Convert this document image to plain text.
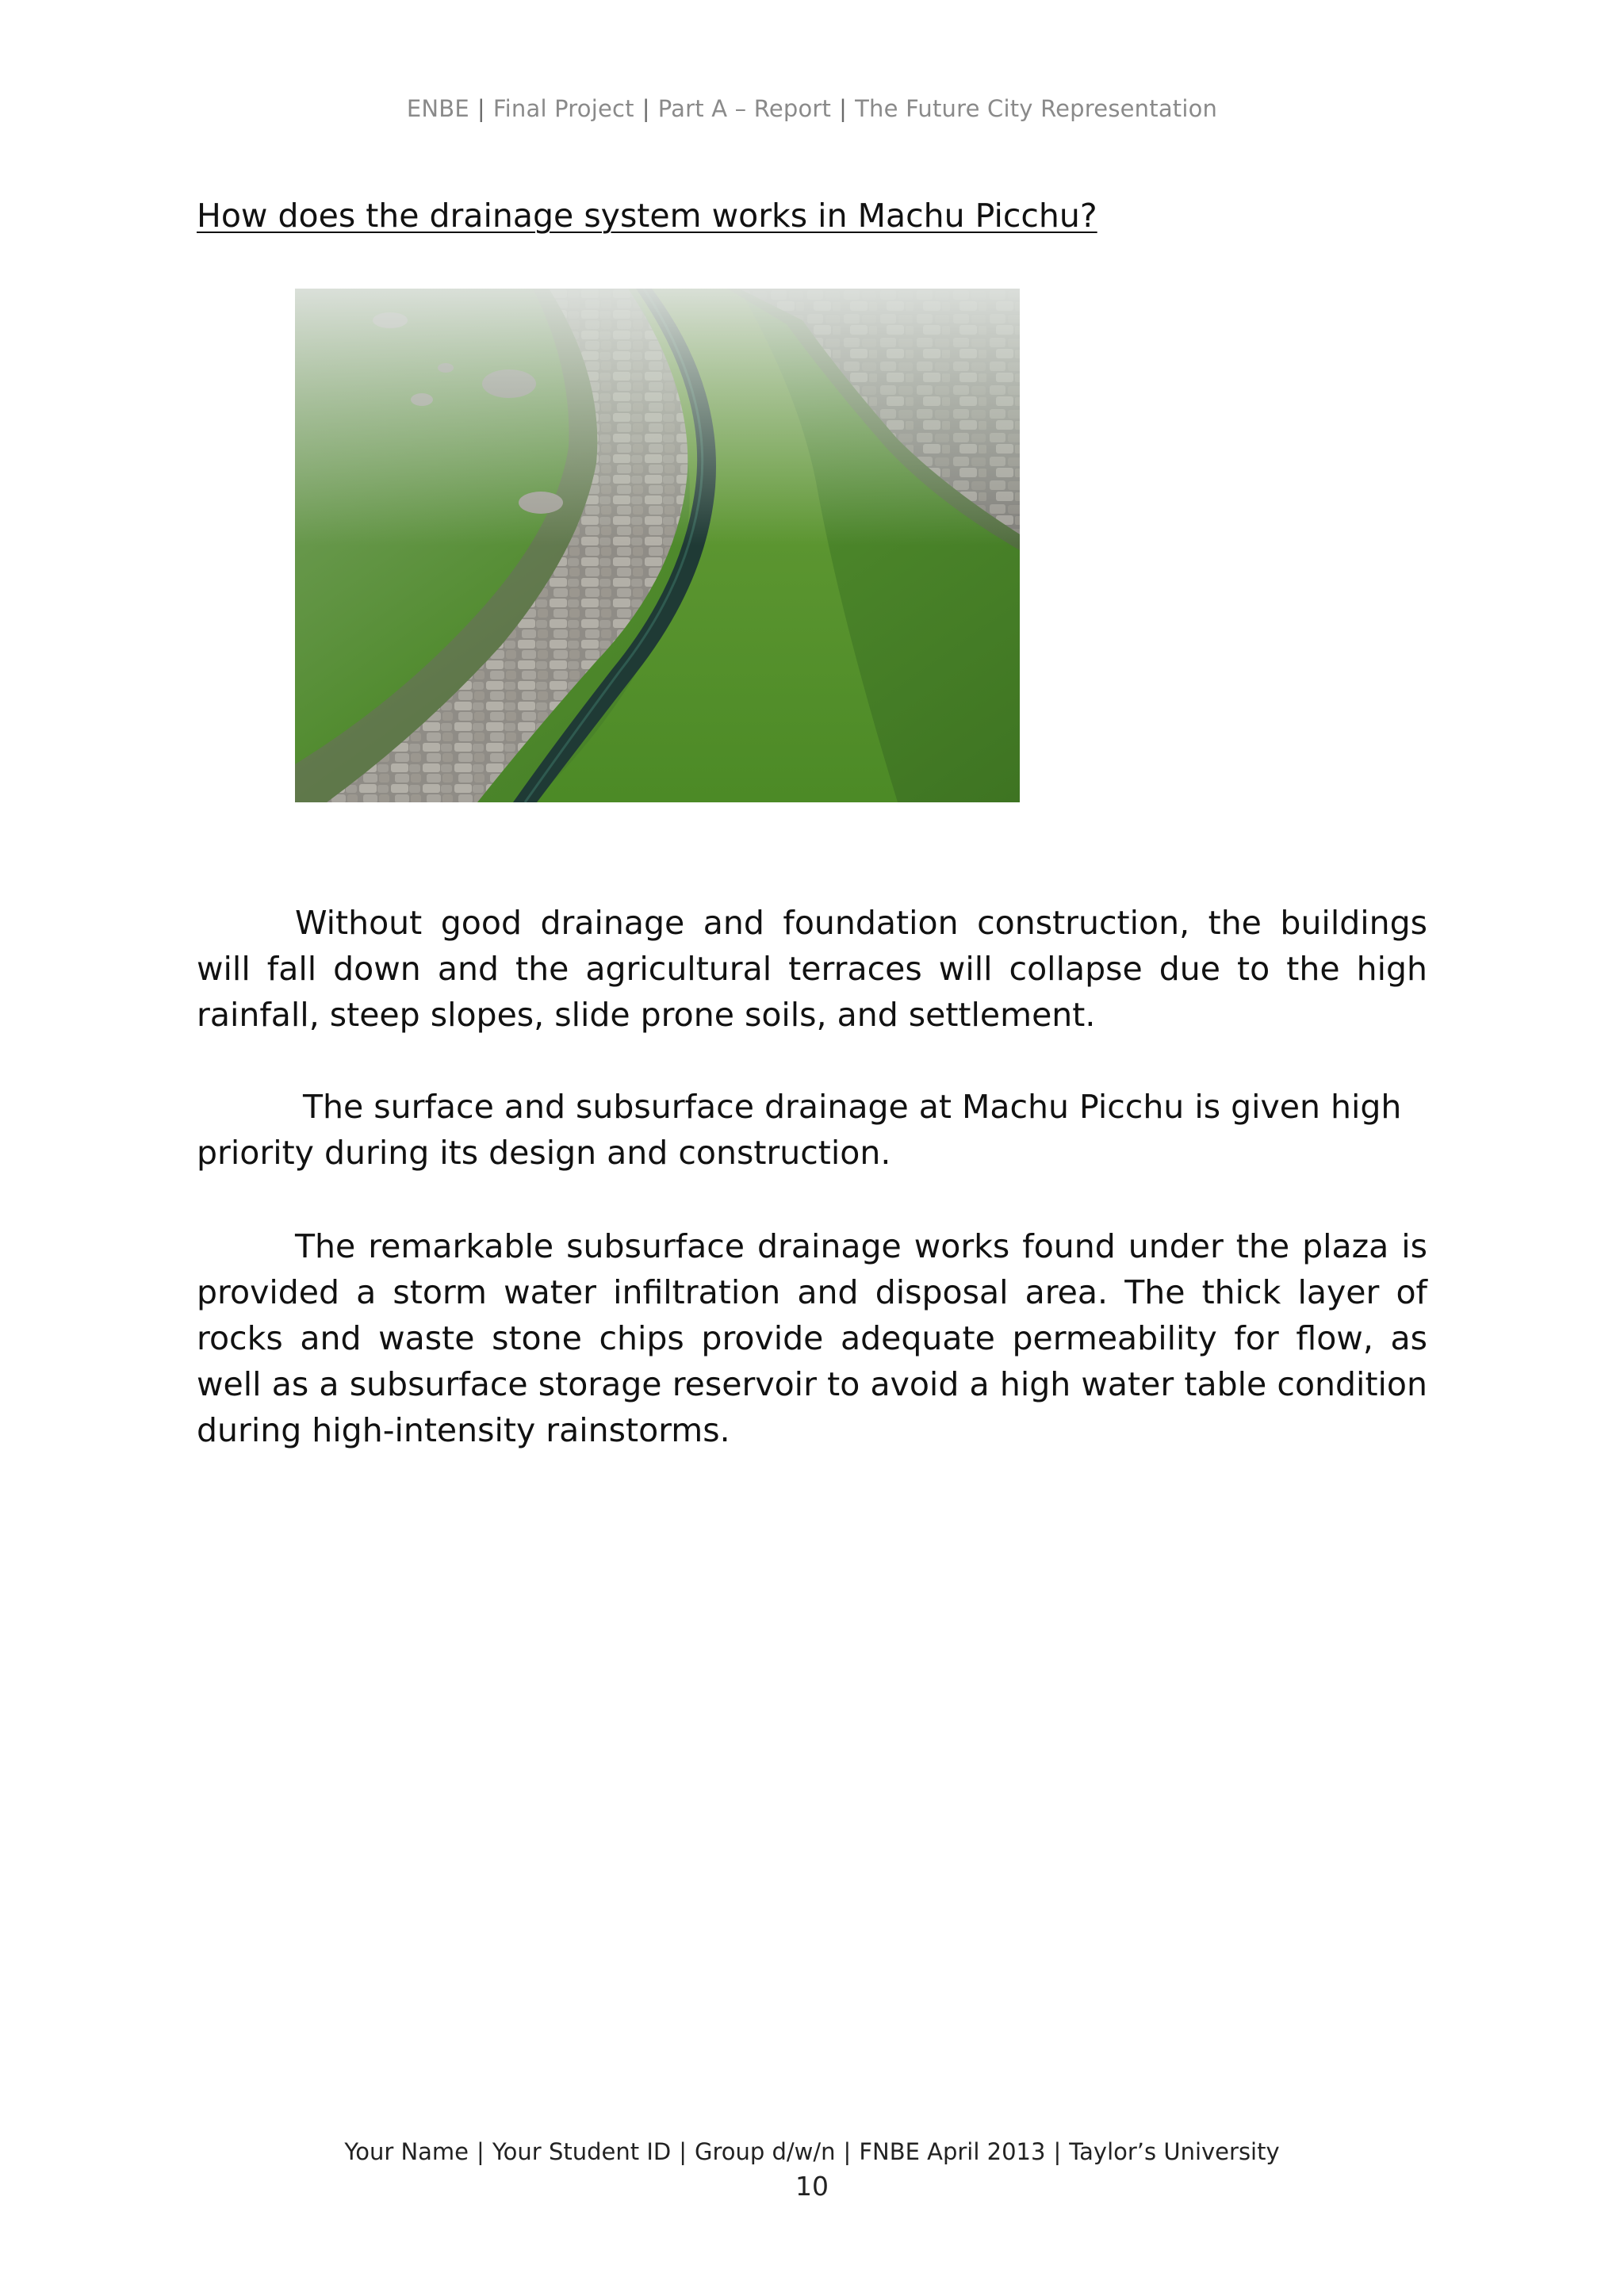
ENBE | Final Project | Part A – Report | The Future City Representation
How does the drainage system works in Machu Picchu?

Without good drainage and foundation construction, the buildings will fall down and the agricultural terraces will collapse due to the high rainfall, steep slopes, slide prone soils, and settlement.

The surface and subsurface drainage at Machu Picchu is given high priority during its design and construction.

The remarkable subsurface drainage works found under the plaza is provided a storm water infiltration and disposal area. The thick layer of rocks and waste stone chips provide adequate permeability for flow, as well as a subsurface storage reservoir to avoid a high water table condition during high-intensity rainstorms.

Your Name | Your Student ID | Group d/w/n | FNBE April 2013 | Taylor’s University
10
